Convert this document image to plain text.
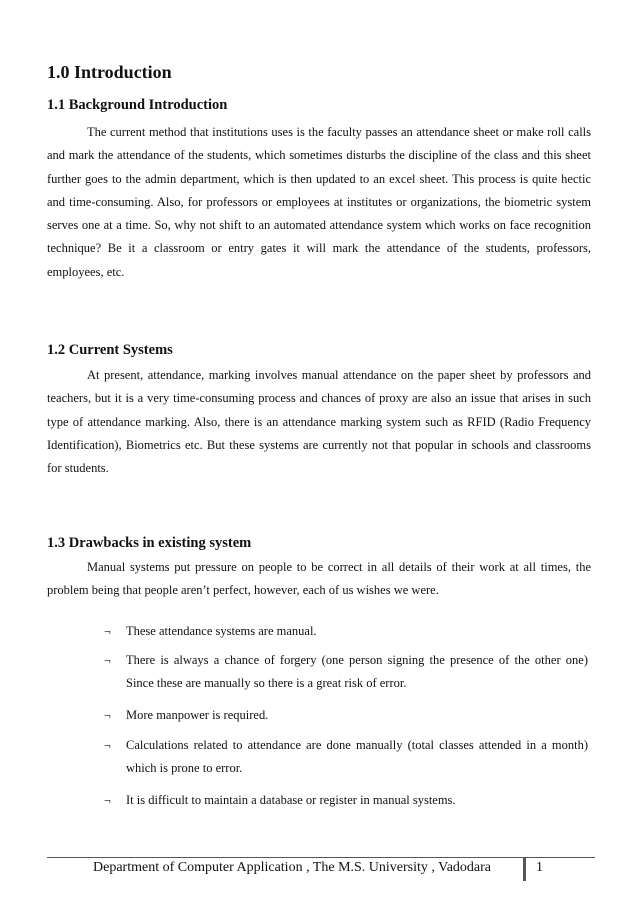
1.0 Introduction
1.1 Background Introduction

The current method that institutions uses is the faculty passes an attendance sheet or make roll calls and mark the attendance of the students, which sometimes disturbs the discipline of the class and this sheet further goes to the admin department, which is then updated to an excel sheet. This process is quite hectic and time-consuming. Also, for professors or employees at institutes or organizations, the biometric system serves one at a time. So, why not shift to an automated attendance system which works on face recognition technique? Be it a classroom or entry gates it will mark the attendance of the students, professors, employees, etc.

1.2 Current Systems

At present, attendance, marking involves manual attendance on the paper sheet by professors and teachers, but it is a very time-consuming process and chances of proxy are also an issue that arises in such type of attendance marking. Also, there is an attendance marking system such as RFID (Radio Frequency Identification), Biometrics etc. But these systems are currently not that popular in schools and classrooms for students.

1.3 Drawbacks in existing system

Manual systems put pressure on people to be correct in all details of their work at all times, the problem being that people aren’t perfect, however, each of us wishes we were.

¬ These attendance systems are manual.
¬ There is always a chance of forgery (one person signing the presence of the other one) Since these are manually so there is a great risk of error.
¬ More manpower is required.
¬ Calculations related to attendance are done manually (total classes attended in a month) which is prone to error.
¬ It is difficult to maintain a database or register in manual systems.
Department of Computer Application , The M.S. University , Vadodara	1
